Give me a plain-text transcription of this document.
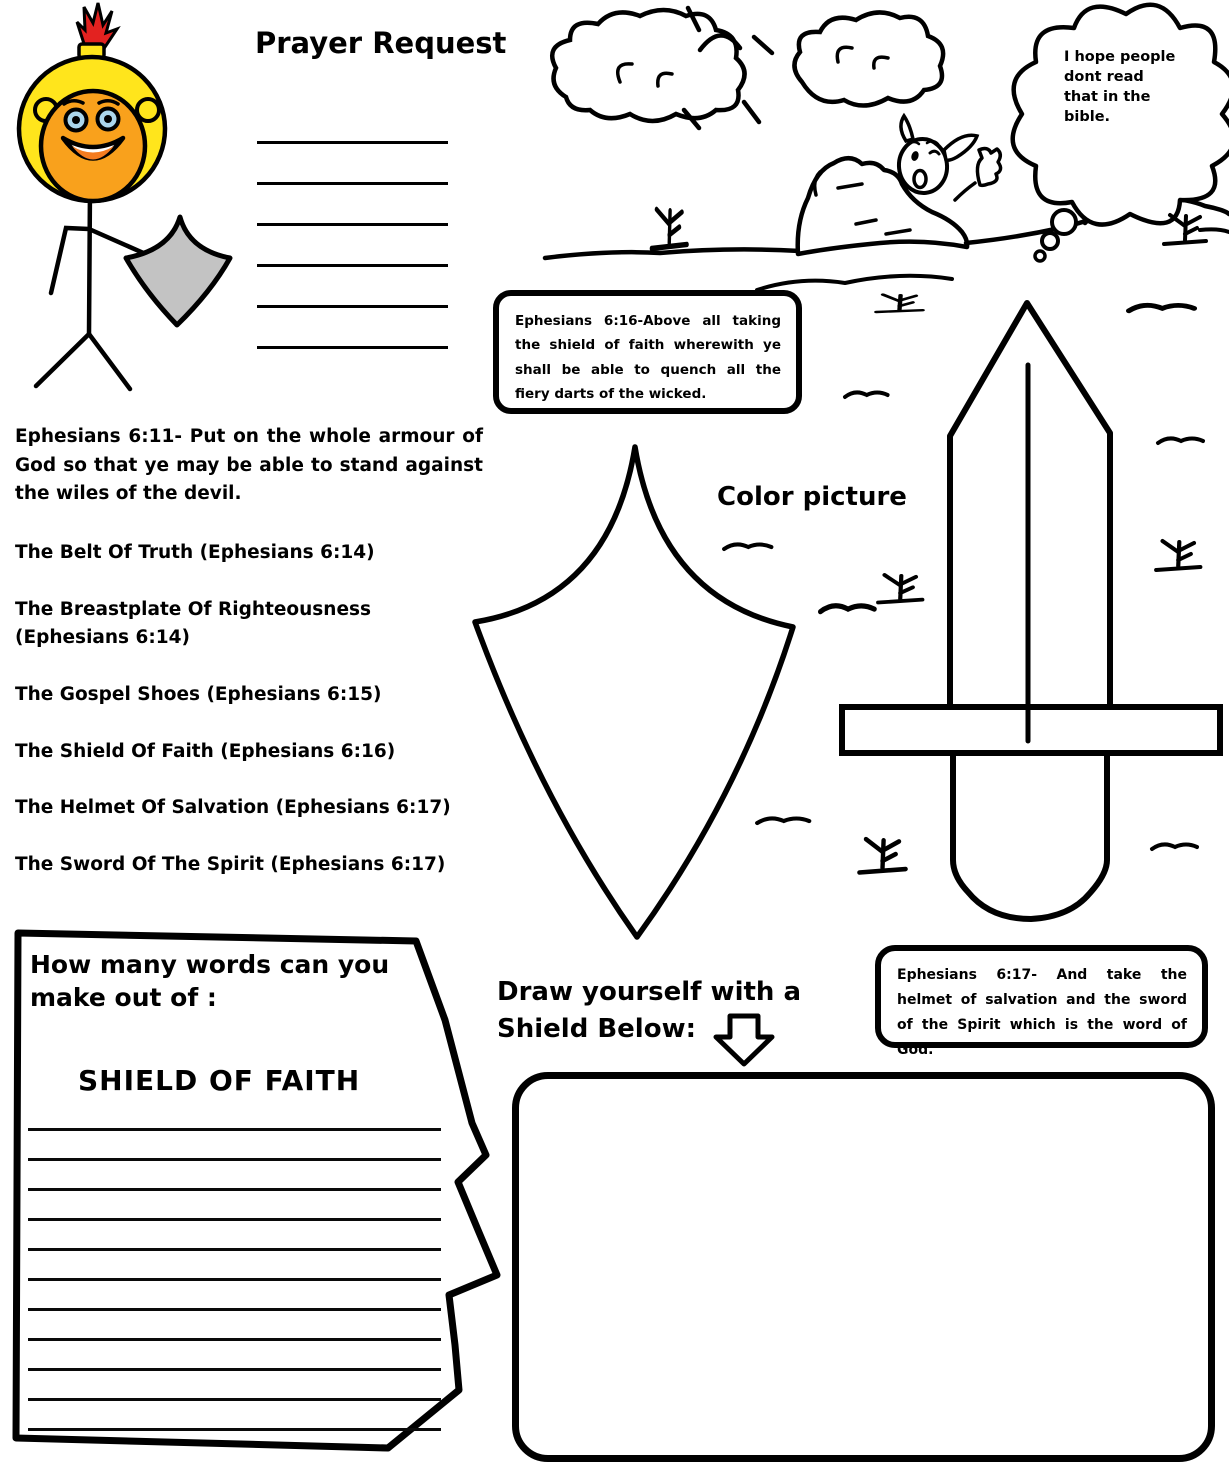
Prayer Request
Ephesians 6:16-Above all taking the shield of faith wherewith ye shall be able to quench all the fiery darts of the wicked.

Ephesians 6:11- Put on the whole armour of God so that ye may be able to stand against the wiles of the devil.

The Belt Of Truth (Ephesians 6:14)
The Breastplate Of Righteousness (Ephesians 6:14)
The Gospel Shoes (Ephesians 6:15)
The Shield Of Faith (Ephesians 6:16)
The Helmet Of Salvation (Ephesians 6:17)
The Sword Of The Spirit (Ephesians 6:17)
Color picture
How many words can you make out of :
SHIELD OF FAITH
Draw yourself with a Shield Below:
Ephesians 6:17- And take the helmet of salvation and the sword of the Spirit which is the word of God.
I hope people dont read that in the bible.
